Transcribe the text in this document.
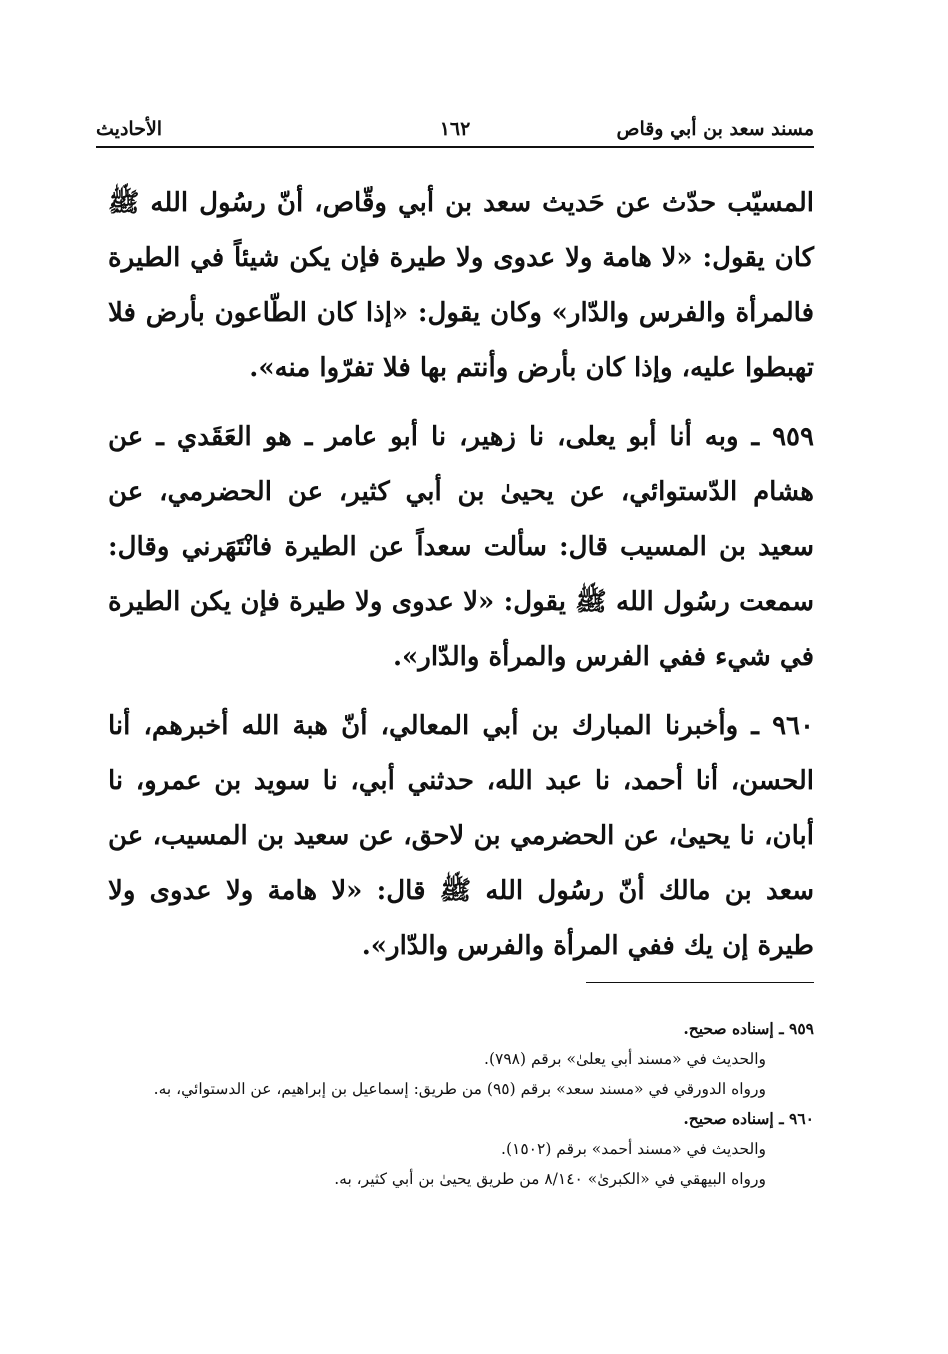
مسند سعد بن أبي وقاص
١٦٢
الأحاديث

المسيّب حدّث عن حَديث سعد بن أبي وقّاص، أنّ رسُول الله ﷺ كان يقول: «لا هامة ولا عدوى ولا طيرة فإن يكن شيئاً في الطيرة فالمرأة والفرس والدّار» وكان يقول: «إذا كان الطّاعون بأرض فلا تهبطوا عليه، وإذا كان بأرض وأنتم بها فلا تفرّوا منه».

٩٥٩ ـ وبه أنا أبو يعلى، نا زهير، نا أبو عامر ـ هو العَقَدي ـ عن هشام الدّستوائي، عن يحيىٰ بن أبي كثير، عن الحضرمي، عن سعيد بن المسيب قال: سألت سعداً عن الطيرة فانْتَهَرني وقال: سمعت رسُول الله ﷺ يقول: «لا عدوى ولا طيرة فإن يكن الطيرة في شيء ففي الفرس والمرأة والدّار».

٩٦٠ ـ وأخبرنا المبارك بن أبي المعالي، أنّ هبة الله أخبرهم، أنا الحسن، أنا أحمد، نا عبد الله، حدثني أبي، نا سويد بن عمرو، نا أبان، نا يحيىٰ، عن الحضرمي بن لاحق، عن سعيد بن المسيب، عن سعد بن مالك أنّ رسُول الله ﷺ قال: «لا هامة ولا عدوى ولا طيرة إن يك ففي المرأة والفرس والدّار».

٩٥٩ ـ إسناده صحيح.

والحديث في «مسند أبي يعلىٰ» برقم (٧٩٨).

ورواه الدورقي في «مسند سعد» برقم (٩٥) من طريق: إسماعيل بن إبراهيم، عن الدستوائي، به.

٩٦٠ ـ إسناده صحيح.

والحديث في «مسند أحمد» برقم (١٥٠٢).

ورواه البيهقي في «الكبرىٰ» ٨/١٤٠ من طريق يحيىٰ بن أبي كثير، به.
